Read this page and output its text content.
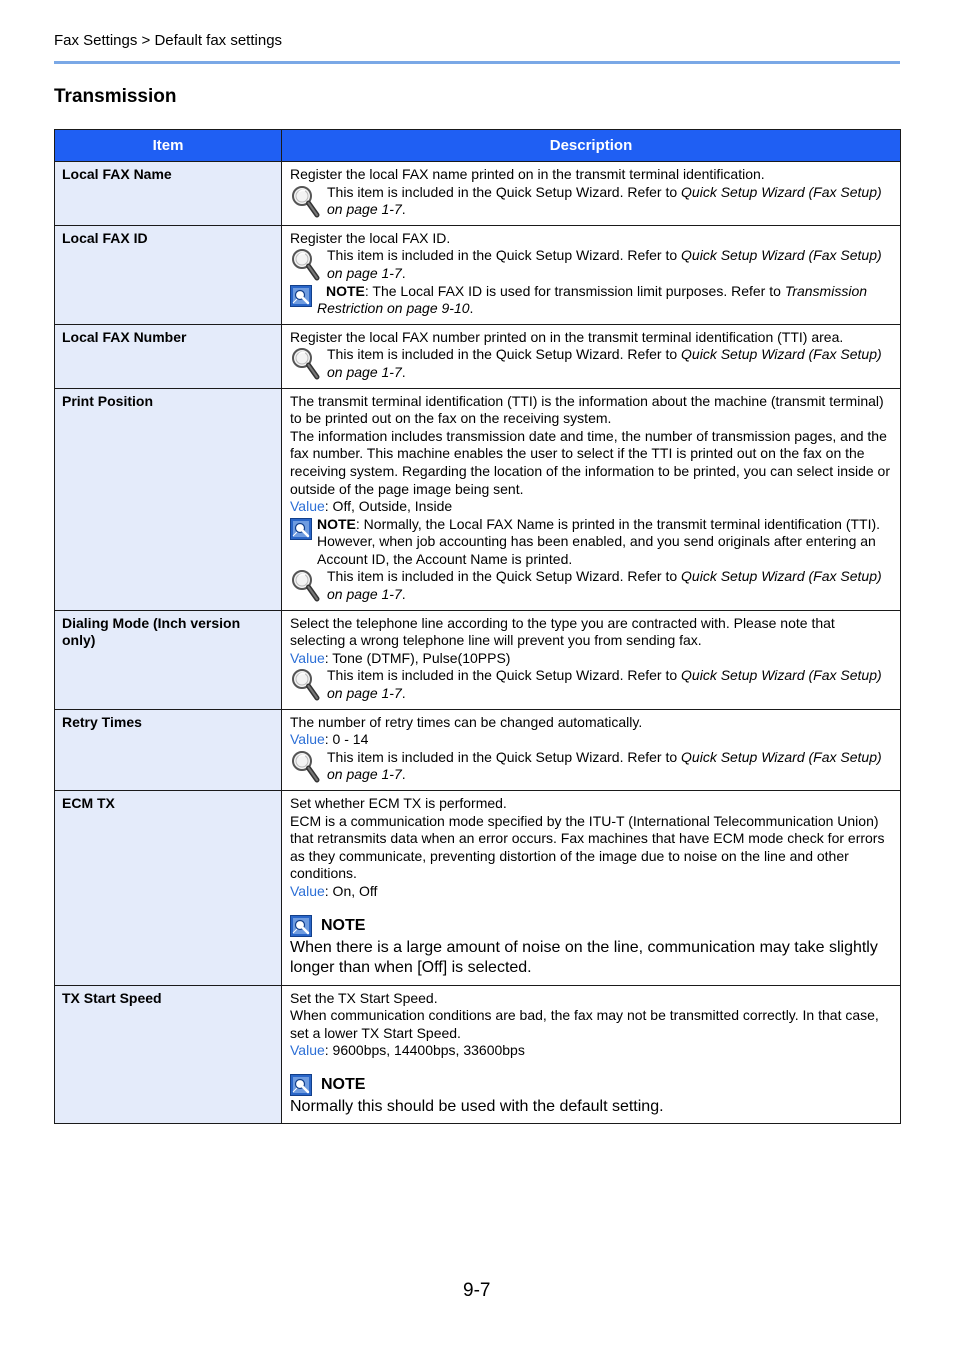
Fax Settings > Default fax settings
Transmission
Item	Description
Local FAX Name	Register the local FAX name printed on in the transmit terminal identification.
This item is included in the Quick Setup Wizard. Refer to Quick Setup Wizard (Fax Setup) on page 1-7.

Local FAX ID	Register the local FAX ID.
This item is included in the Quick Setup Wizard. Refer to Quick Setup Wizard (Fax Setup) on page 1-7.
NOTE: The Local FAX ID is used for transmission limit purposes. Refer to Transmission Restriction on page 9-10.

Local FAX Number	Register the local FAX number printed on in the transmit terminal identification (TTI) area.
This item is included in the Quick Setup Wizard. Refer to Quick Setup Wizard (Fax Setup) on page 1-7.

Print Position	The transmit terminal identification (TTI) is the information about the machine (transmit terminal) to be printed out on the fax on the receiving system.
The information includes transmission date and time, the number of transmission pages, and the fax number. This machine enables the user to select if the TTI is printed out on the fax on the receiving system. Regarding the location of the information to be printed, you can select inside or outside of the page image being sent.
Value: Off, Outside, Inside
NOTE: Normally, the Local FAX Name is printed in the transmit terminal identification (TTI). However, when job accounting has been enabled, and you send originals after entering an Account ID, the Account Name is printed.
This item is included in the Quick Setup Wizard. Refer to Quick Setup Wizard (Fax Setup) on page 1-7.

Dialing Mode (Inch version only)	Select the telephone line according to the type you are contracted with. Please note that selecting a wrong telephone line will prevent you from sending fax.
Value: Tone (DTMF), Pulse(10PPS)
This item is included in the Quick Setup Wizard. Refer to Quick Setup Wizard (Fax Setup) on page 1-7.

Retry Times	The number of retry times can be changed automatically.
Value: 0 - 14
This item is included in the Quick Setup Wizard. Refer to Quick Setup Wizard (Fax Setup) on page 1-7.

ECM TX	Set whether ECM TX is performed.
ECM is a communication mode specified by the ITU-T (International Telecommunication Union) that retransmits data when an error occurs. Fax machines that have ECM mode check for errors as they communicate, preventing distortion of the image due to noise on the line and other conditions.
Value: On, Off
NOTE
When there is a large amount of noise on the line, communication may take slightly longer than when [Off] is selected.

TX Start Speed	Set the TX Start Speed.
When communication conditions are bad, the fax may not be transmitted correctly. In that case, set a lower TX Start Speed.
Value: 9600bps, 14400bps, 33600bps
NOTE
Normally this should be used with the default setting.
9-7
